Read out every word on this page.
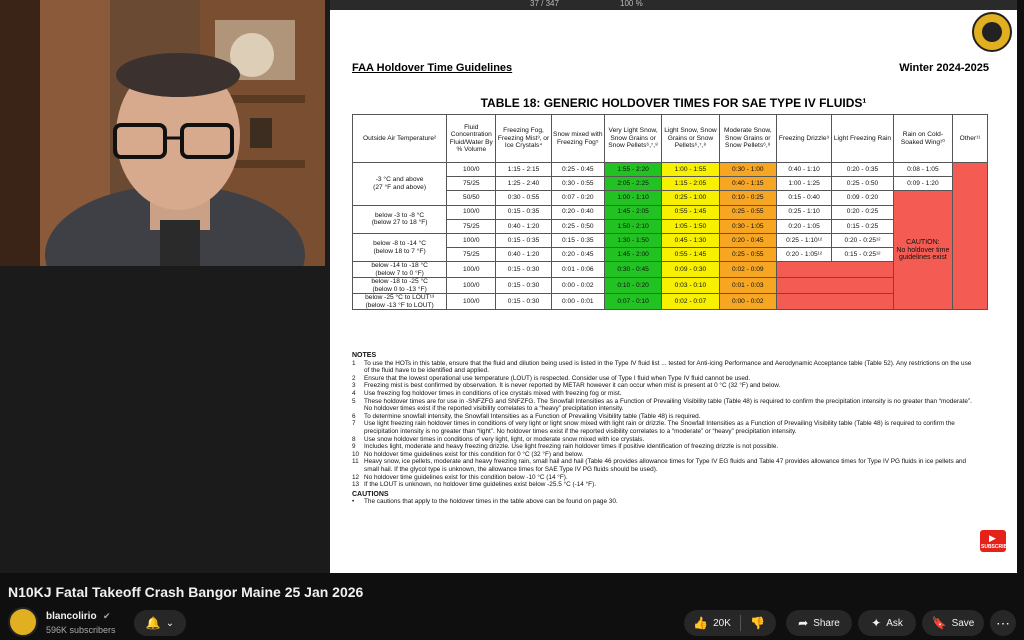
37 / 347	100 %
FAA Holdover Time Guidelines	Winter 2024-2025
TABLE 18: GENERIC HOLDOVER TIMES FOR SAE TYPE IV FLUIDS¹
Outside Air Temperature²	Fluid Concentration Fluid/Water By % Volume	Freezing Fog, Freezing Mist³, or Ice Crystals⁴	Snow mixed with Freezing Fog⁵	Very Light Snow, Snow Grains or Snow Pellets⁶,⁷,⁸	Light Snow, Snow Grains or Snow Pellets⁶,⁷,⁸	Moderate Snow, Snow Grains or Snow Pellets⁶,⁸	Freezing Drizzle⁹	Light Freezing Rain	Rain on Cold-Soaked Wing¹⁰	Other¹¹

-3 °C and above
(27 °F and above)	100/0	1:15 - 2:15	0:25 - 0:45	1:55 - 2:20	1:00 - 1:55	0:30 - 1:00	0:40 - 1:10	0:20 - 0:35	0:08 - 1:05	
	75/25	1:25 - 2:40	0:30 - 0:55	2:05 - 2:25	1:15 - 2:05	0:40 - 1:15	1:00 - 1:25	0:25 - 0:50	0:09 - 1:20	
	50/50	0:30 - 0:55	0:07 - 0:20	1:00 - 1:10	0:25 - 1:00	0:10 - 0:25	0:15 - 0:40	0:09 - 0:20	CAUTION:
No holdover time
guidelines exist	

below -3 to -8 °C
(below 27 to 18 °F)	100/0	0:15 - 0:35	0:20 - 0:40	1:45 - 2:05	0:55 - 1:45	0:25 - 0:55	0:25 - 1:10	0:20 - 0:25		
	75/25	0:40 - 1:20	0:25 - 0:50	1:50 - 2:10	1:05 - 1:50	0:30 - 1:05	0:20 - 1:05	0:15 - 0:25		

below -8 to -14 °C
(below 18 to 7 °F)	100/0	0:15 - 0:35	0:15 - 0:35	1:30 - 1:50	0:45 - 1:30	0:20 - 0:45	0:25 - 1:10¹²	0:20 - 0:25¹²		
	75/25	0:40 - 1:20	0:20 - 0:45	1:45 - 2:00	0:55 - 1:45	0:25 - 0:55	0:20 - 1:05¹²	0:15 - 0:25¹²		

below -14 to -18 °C
(below 7 to 0 °F)	100/0	0:15 - 0:30	0:01 - 0:06	0:30 - 0:45	0:09 - 0:30	0:02 - 0:09				

below -18 to -25 °C
(below 0 to -13 °F)	100/0	0:15 - 0:30	0:00 - 0:02	0:10 - 0:20	0:03 - 0:10	0:01 - 0:03				

below -25 °C to LOUT¹³
(below -13 °F to LOUT)	100/0	0:15 - 0:30	0:00 - 0:01	0:07 - 0:10	0:02 - 0:07	0:00 - 0:02				
NOTES
1	To use the HOTs in this table, ensure that the fluid and dilution being used is listed in the Type IV fluid list ... tested for Anti-icing Performance and Aerodynamic Acceptance table (Table 52). Any restrictions on the use of the fluid have to be identified and applied.
2	Ensure that the lowest operational use temperature (LOUT) is respected. Consider use of Type I fluid when Type IV fluid cannot be used.
3	Freezing mist is best confirmed by observation. It is never reported by METAR however it can occur when mist is present at 0 °C (32 °F) and below.
4	Use freezing fog holdover times in conditions of ice crystals mixed with freezing fog or mist.
5	These holdover times are for use in -SNFZFG and SNFZFG. The Snowfall Intensities as a Function of Prevailing Visibility table (Table 48) is required to confirm the precipitation intensity is no greater than “moderate”. No holdover times exist if the reported visibility correlates to a “heavy” precipitation intensity.
6	To determine snowfall intensity, the Snowfall Intensities as a Function of Prevailing Visibility table (Table 48) is required.
7	Use light freezing rain holdover times in conditions of very light or light snow mixed with light rain or drizzle. The Snowfall Intensities as a Function of Prevailing Visibility table (Table 48) is required to confirm the precipitation intensity is no greater than “light”. No holdover times exist if the reported visibility correlates to a “moderate” or “heavy” precipitation intensity.
8	Use snow holdover times in conditions of very light, light, or moderate snow mixed with ice crystals.
9	Includes light, moderate and heavy freezing drizzle. Use light freezing rain holdover times if positive identification of freezing drizzle is not possible.
10 No holdover time guidelines exist for this condition for 0 °C (32 °F) and below.
11 Heavy snow, ice pellets, moderate and heavy freezing rain, small hail and hail (Table 46 provides allowance times for Type IV EG fluids and Table 47 provides allowance times for Type IV PG fluids in ice pellets and small hail. If the glycol type is unknown, the allowance times for SAE Type IV PG fluids should be used).
12 No holdover time guidelines exist for this condition below -10 °C (14 °F).
13 If the LOUT is unknown, no holdover time guidelines exist below -25.5 °C (-14 °F).
CAUTIONS
•	The cautions that apply to the holdover times in the table above can be found on page 30.
▶
SUBSCRIBE
N10KJ Fatal Takeoff Crash Bangor Maine 25 Jan 2026
blancolirio ✔
596K subscribers	🔔 ⌄	👍 20K 👎	➦ Share	✦ Ask 🔖 Save ⋯
